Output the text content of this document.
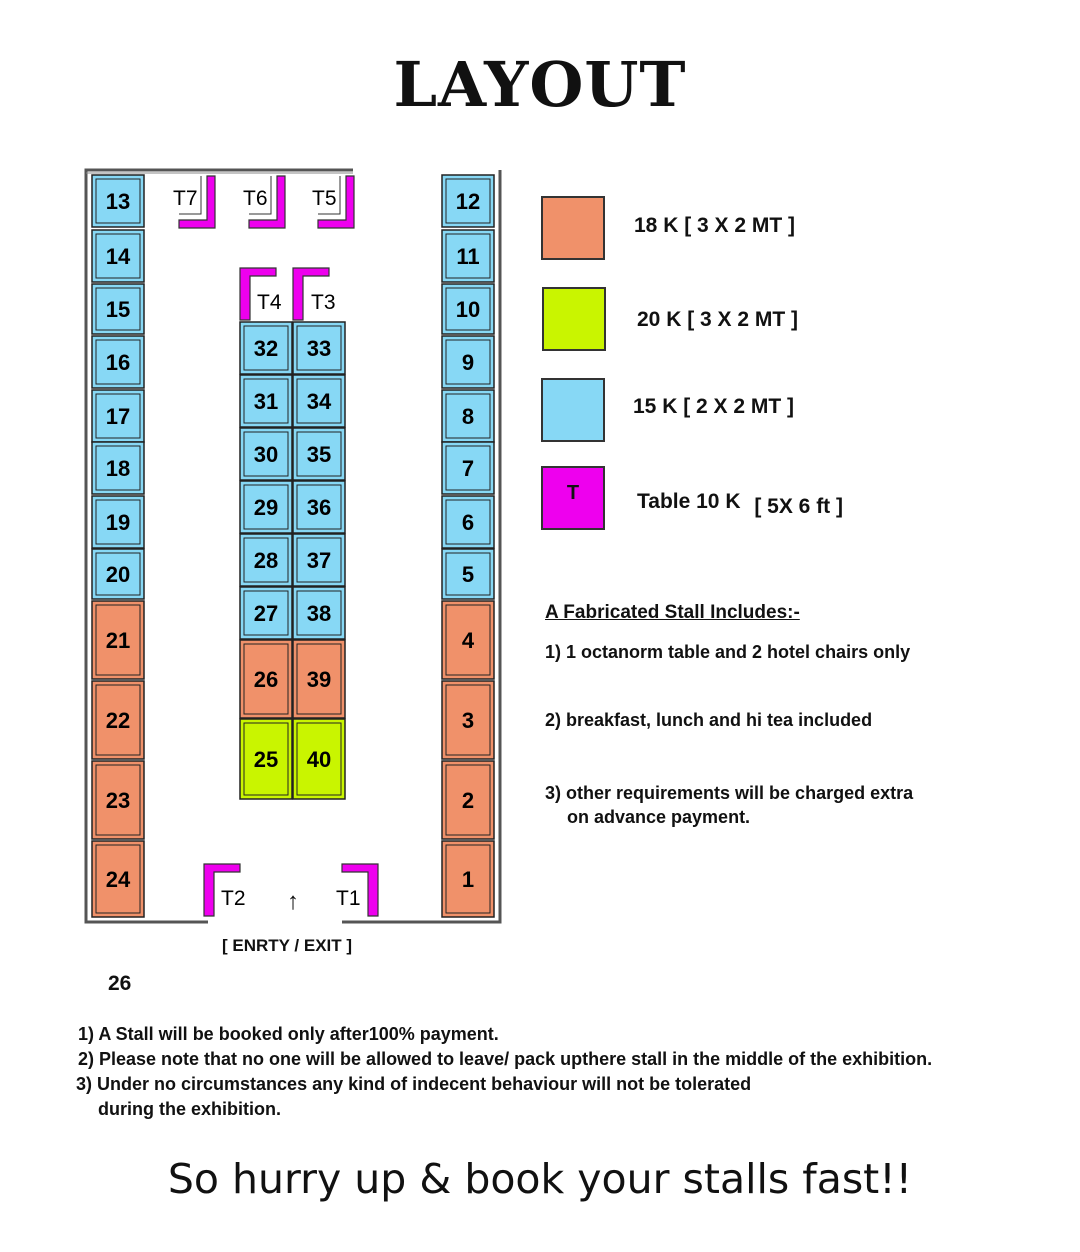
LAYOUT
13
14
15
16
17
18
19
20
21
22
23
24
12
11
10
9
8
7
6
5
4
3
2
1
32
31
30
29
28
27
26
25
33
34
35
36
37
38
39
40
T7 T6 T5
T4 T3
T2	T1
18 K [ 3 X 2 MT ]
20 K [ 3 X 2 MT ]
15 K [ 2 X 2 MT ]
T	Table 10 K [ 5X 6 ft ]
A Fabricated Stall Includes:-
1) 1 octanorm table and 2 hotel chairs only
2) breakfast, lunch and hi tea included
3) other requirements will be charged extra
on advance payment.
↑
[ ENRTY / EXIT ]
26
1) A Stall will be booked only after100% payment.
2) Please note that no one will be allowed to leave/ pack upthere stall in the middle of the exhibition.
3) Under no circumstances any kind of indecent behaviour will not be tolerated
during the exhibition.
So hurry up & book your stalls fast!!
